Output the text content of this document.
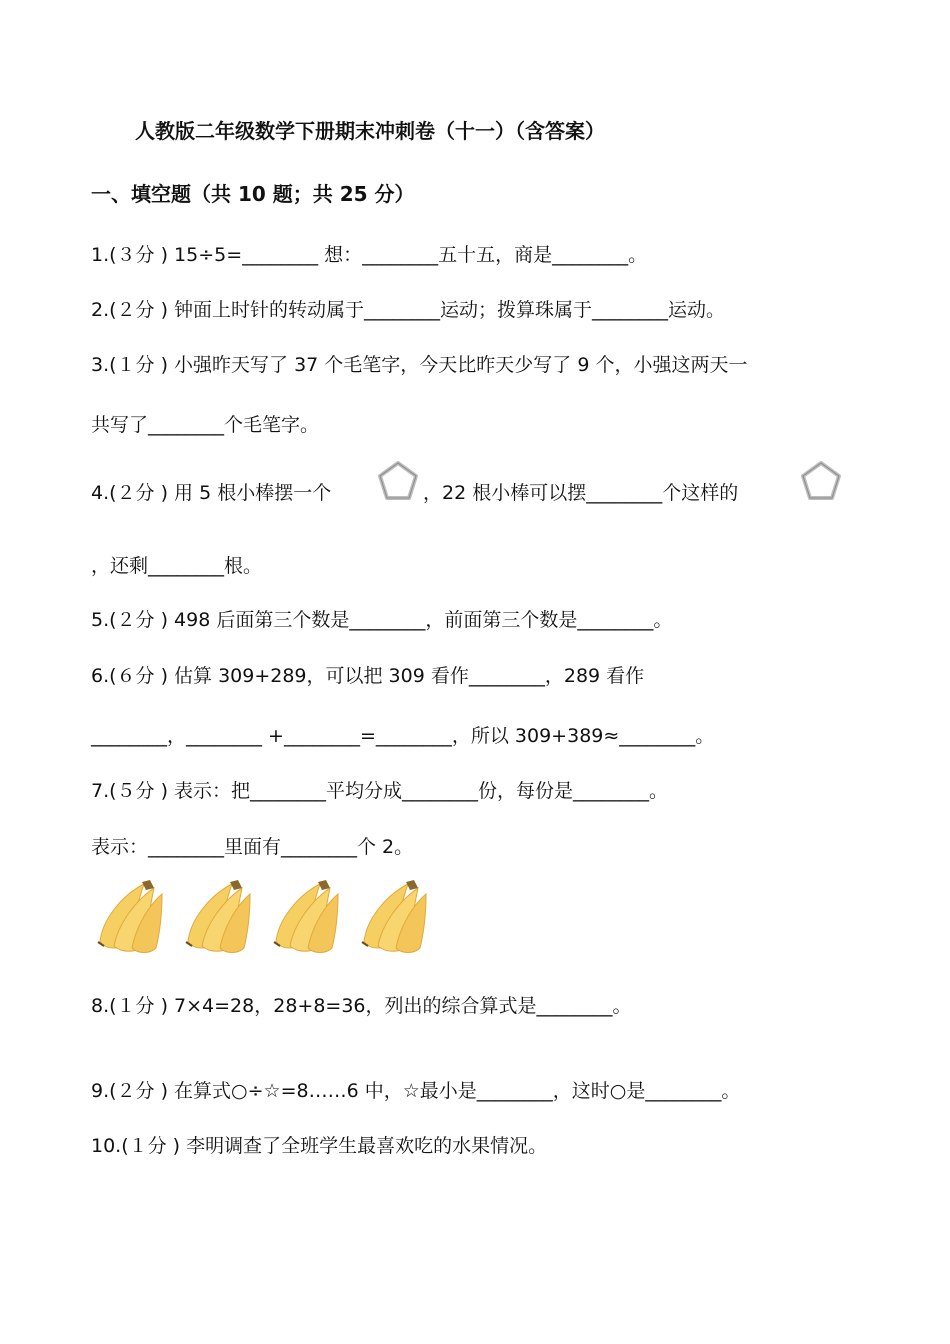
人教版二年级数学下册期末冲刺卷（十一）（含答案）
一、填空题（共 10 题；共 25 分）
1.(３分 ) 15÷5=________ 想：________五十五，商是________。
2.(２分 ) 钟面上时针的转动属于________运动；拨算珠属于________运动。
3.(１分 ) 小强昨天写了 37 个毛笔字，今天比昨天少写了 9 个，小强这两天一
共写了________个毛笔字。
4.(２分 ) 用 5 根小棒摆一个	，22 根小棒可以摆________个这样的
，还剩________根。
5.(２分 ) 498 后面第三个数是________，前面第三个数是________。
6.(６分 ) 估算 309+289，可以把 309 看作________，289 看作
________，________ +________=________，所以 309+389≈________。
7.(５分 ) 表示：把________平均分成________份，每份是________。
表示：________里面有________个 2。
8.(１分 ) 7×4=28，28+8=36，列出的综合算式是________。
9.(２分 ) 在算式○÷☆=8……6 中，☆最小是________，这时○是________。
10.(１分 ) 李明调查了全班学生最喜欢吃的水果情况。
